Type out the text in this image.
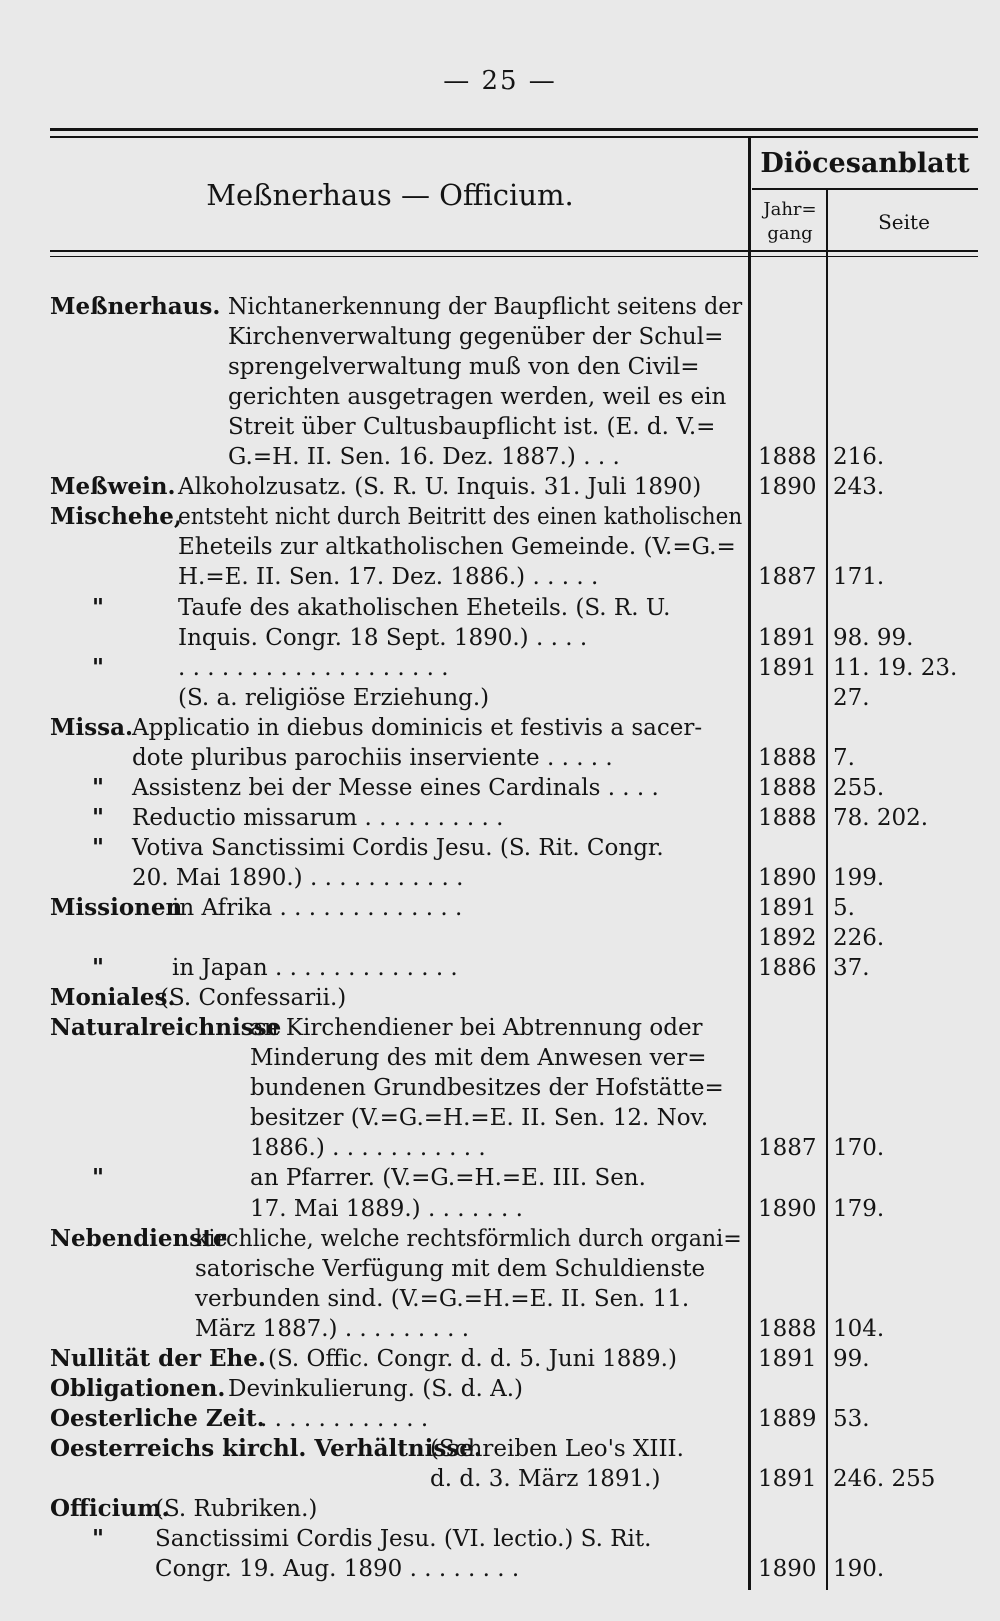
— 25 —
Meßnerhaus — Officium.
Diöcesanblatt
Jahr=
gang	Seite
Meßnerhaus. Nichtanerkennung der Baupflicht seitens der
Kirchenverwaltung gegenüber der Schul=
sprengelverwaltung muß von den Civil=
gerichten ausgetragen werden, weil es ein
Streit über Cultusbaupflicht ist. (E. d. V.=
G.=H. II. Sen. 16. Dez. 1887.) . . .	1888 216.
Meßwein. Alkoholzusatz. (S. R. U. Inquis. 31. Juli 1890) 1890 243.
Mischehe,
entsteht nicht durch Beitritt des einen katholischen
Eheteils zur altkatholischen Gemeinde. (V.=G.=
H.=E. II. Sen. 17. Dez. 1886.) . . . . .	1887 171.
"	Taufe des akatholischen Eheteils. (S. R. U.
Inquis. Congr. 18 Sept. 1890.) . . . .	1891 98. 99.
"	. . . . . . . . . . . . . . . . . . .	1891 11. 19. 23.
(S. a. religiöse Erziehung.)	27.
Missa.
Applicatio in diebus dominicis et festivis a sacer-
dote pluribus parochiis inserviente . . . . .	1888 7.
" Assistenz bei der Messe eines Cardinals . . . .	1888 255.
" Reductio missarum . . . . . . . . . .	1888 78. 202.
" Votiva Sanctissimi Cordis Jesu. (S. Rit. Congr.
20. Mai 1890.) . . . . . . . . . . .	1890 199.
Missionen
in Afrika . . . . . . . . . . . . .	1891 5.
1892 226.
"	in Japan . . . . . . . . . . . . .	1886 37.
Moniales.
(S. Confessarii.)
Naturalreichnisse
an Kirchendiener bei Abtrennung oder
Minderung des mit dem Anwesen ver=
bundenen Grundbesitzes der Hofstätte=
besitzer (V.=G.=H.=E. II. Sen. 12. Nov.
1886.) . . . . . . . . . . .	1887 170.
"	an Pfarrer. (V.=G.=H.=E. III. Sen.
17. Mai 1889.) . . . . . . .	1890 179.
Nebendienste
kirchliche, welche rechtsförmlich durch organi=
satorische Verfügung mit dem Schuldienste
verbunden sind. (V.=G.=H.=E. II. Sen. 11.
März 1887.) . . . . . . . . .	1888 104.
Nullität der Ehe. (S. Offic. Congr. d. d. 5. Juni 1889.)	1891 99.
Obligationen. Devinkulierung. (S. d. A.)
Oesterliche Zeit.
. . . . . . . . . . . .	1889 53.
Oesterreichs kirchl. Verhältnisse.
(Schreiben Leo's XIII.
d. d. 3. März 1891.)	1891 246. 255
Officium.
(S. Rubriken.)
" Sanctissimi Cordis Jesu. (VI. lectio.) S. Rit.
Congr. 19. Aug. 1890 . . . . . . . .	1890 190.
